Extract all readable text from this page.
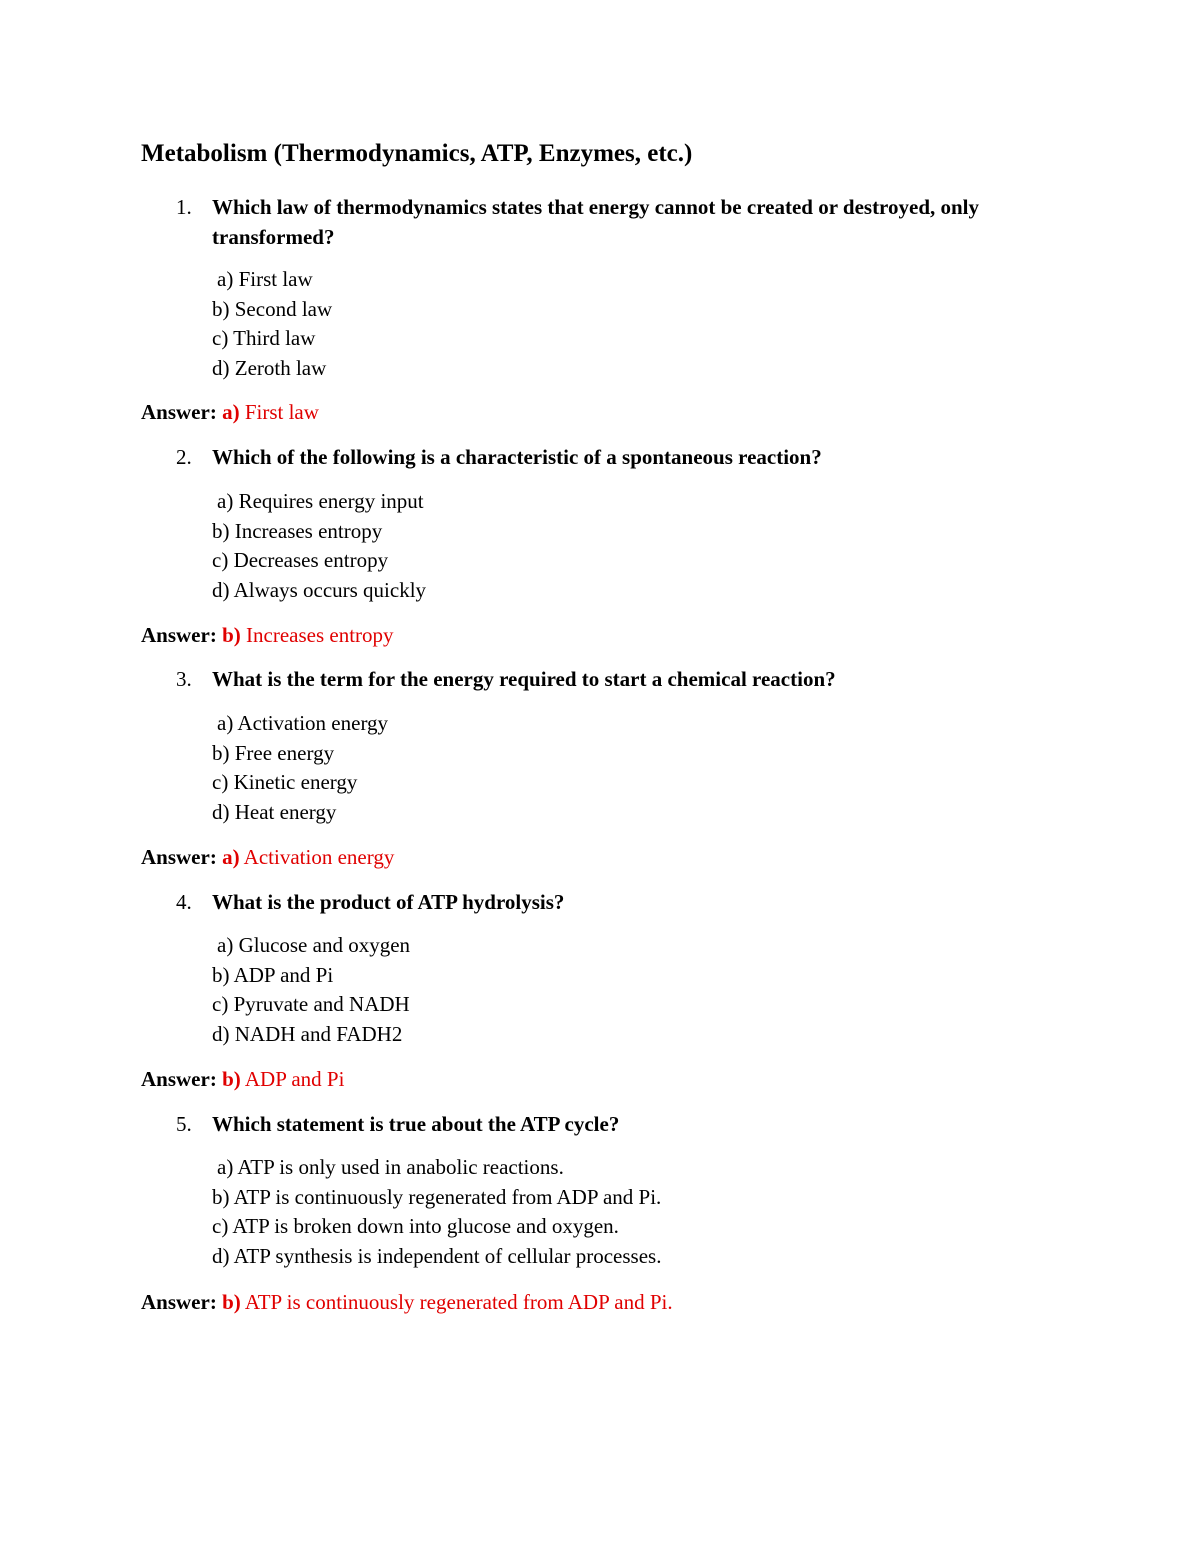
Metabolism (Thermodynamics, ATP, Enzymes, etc.)
1. Which law of thermodynamics states that energy cannot be created or destroyed, only transformed?
a) First law
b) Second law
c) Third law
d) Zeroth law
Answer: a) First law
2. Which of the following is a characteristic of a spontaneous reaction?
a) Requires energy input
b) Increases entropy
c) Decreases entropy
d) Always occurs quickly
Answer: b) Increases entropy
3. What is the term for the energy required to start a chemical reaction?
a) Activation energy
b) Free energy
c) Kinetic energy
d) Heat energy
Answer: a) Activation energy
4. What is the product of ATP hydrolysis?
a) Glucose and oxygen
b) ADP and Pi
c) Pyruvate and NADH
d) NADH and FADH2
Answer: b) ADP and Pi
5. Which statement is true about the ATP cycle?
a) ATP is only used in anabolic reactions.
b) ATP is continuously regenerated from ADP and Pi.
c) ATP is broken down into glucose and oxygen.
d) ATP synthesis is independent of cellular processes.
Answer: b) ATP is continuously regenerated from ADP and Pi.
